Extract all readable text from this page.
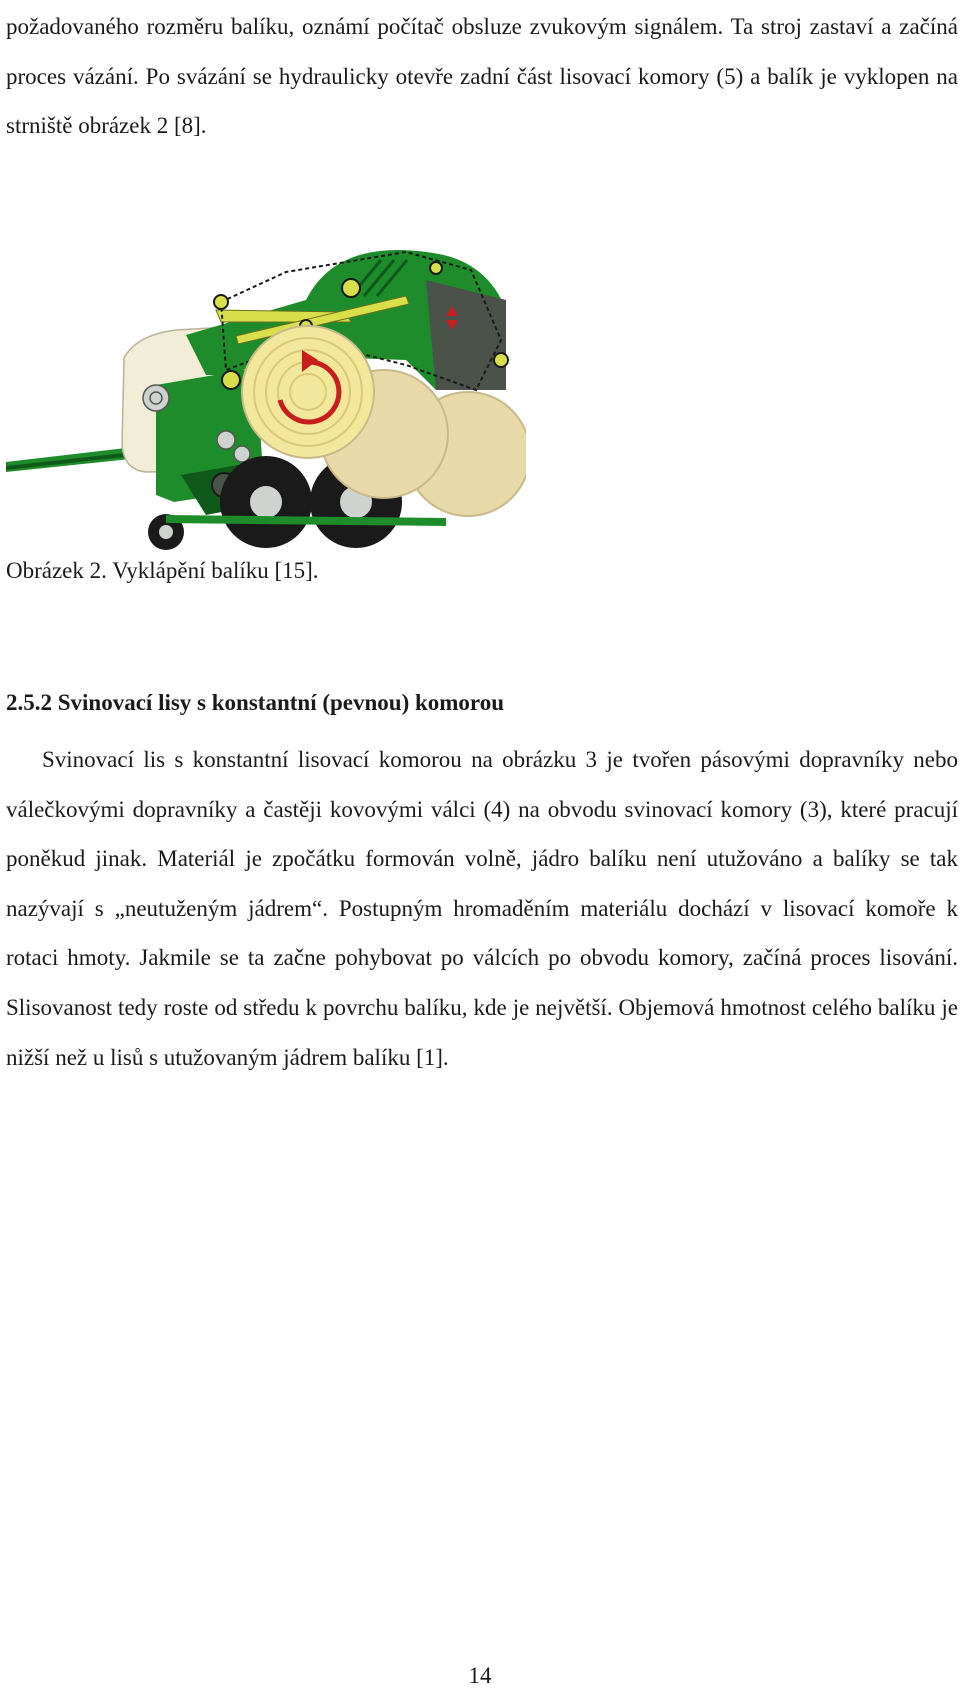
požadovaného rozměru balíku, oznámí počítač obsluze zvukovým signálem. Ta stroj zastaví a začíná proces vázání. Po svázání se hydraulicky otevře zadní část lisovací komory (5) a balík je vyklopen na strniště obrázek 2 [8].

Obrázek 2. Vyklápění balíku [15].

2.5.2 Svinovací lisy s konstantní (pevnou) komorou

Svinovací lis s konstantní lisovací komorou na obrázku 3 je tvořen pásovými dopravníky nebo válečkovými dopravníky a častěji kovovými válci (4) na obvodu svinovací komory (3), které pracují poněkud jinak. Materiál je zpočátku formován volně, jádro balíku není utužováno a balíky se tak nazývají s „neutuženým jádrem“. Postupným hromaděním materiálu dochází v lisovací komoře k rotaci hmoty. Jakmile se ta začne pohybovat po válcích po obvodu komory, začíná proces lisování. Slisovanost tedy roste od středu k povrchu balíku, kde je největší. Objemová hmotnost celého balíku je nižší než u lisů s utužovaným jádrem balíku [1].

14
